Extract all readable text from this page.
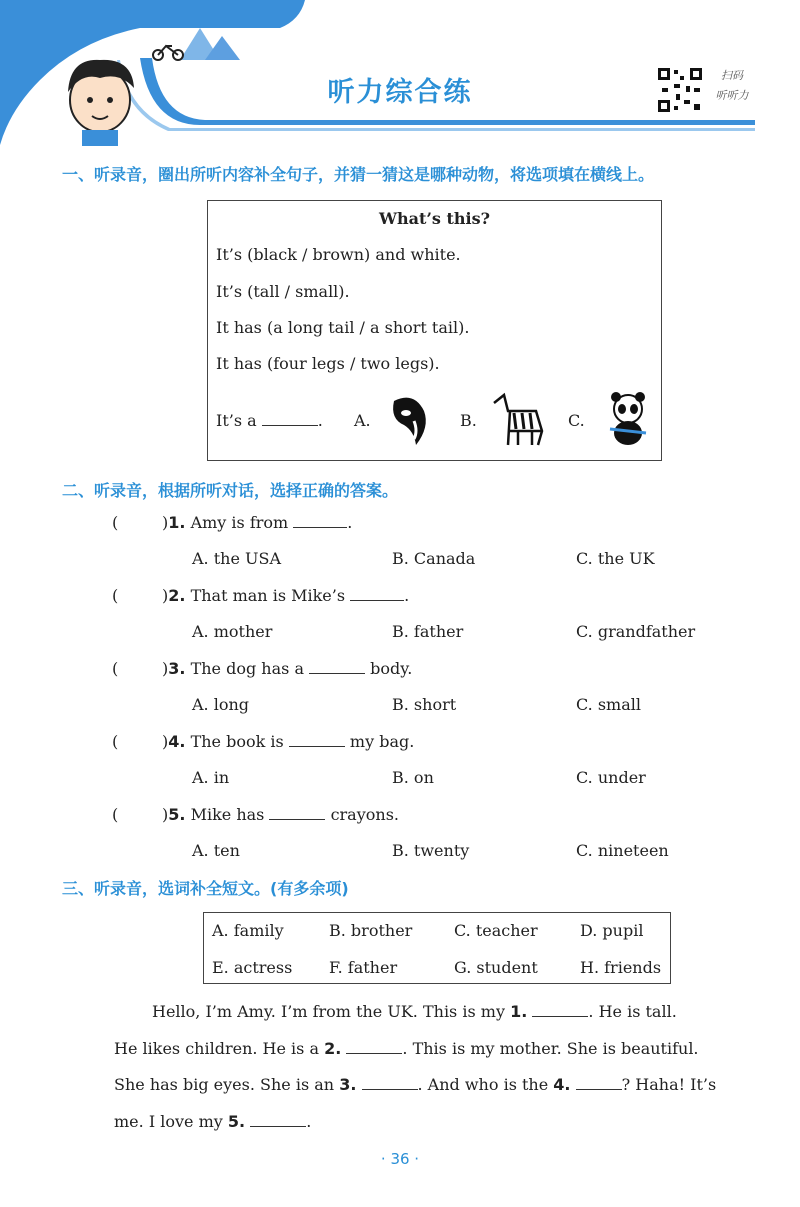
听力综合练
扫码
听听力
一、听录音，圈出所听内容补全句子，并猜一猜这是哪种动物，将选项填在横线上。
What’s this?
It’s (black / brown) and white.
It’s (tall / small).
It has (a long tail / a short tail).
It has (four legs / two legs).
It’s a	. A.	B.	C.
二、听录音，根据所听对话，选择正确的答案。
(	)1. Amy is from	.
A. the USA	B. Canada	C. the UK
(	)2. That man is Mike’s	.
A. mother	B. father	C. grandfather
(	)3. The dog has a	body.
A. long	B. short	C. small
(	)4. The book is	my bag.
A. in	B. on	C. under
(	)5. Mike has	crayons.
A. ten	B. twenty	C. nineteen
三、听录音，选词补全短文。(有多余项)
A. family	B. brother	C. teacher	D. pupil
E. actress F. father	G. student	H. friends
Hello, I’m Amy. I’m from the UK. This is my 1.	. He is tall.
He likes children. He is a 2.	. This is my mother. She is beautiful.
She has big eyes. She is an 3.	. And who is the 4.	? Haha! It’s
me. I love my 5.	.
· 36 ·
